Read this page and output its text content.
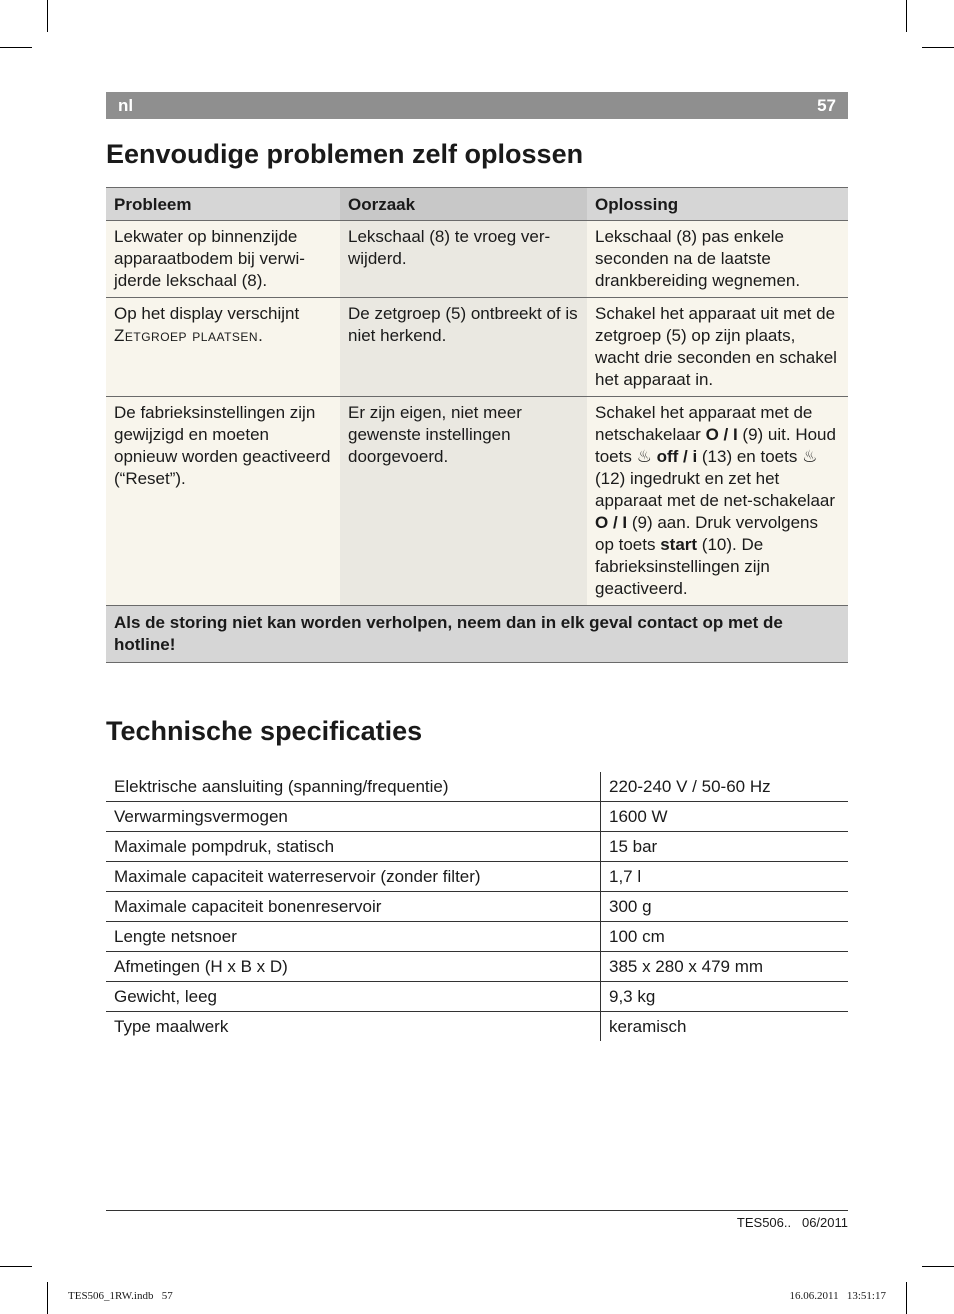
nl	57
Eenvoudige problemen zelf oplossen
Probleem	Oorzaak	Oplossing
Lekwater op binnenzijde apparaatbodem bij verwi-jderde lekschaal (8).	Lekschaal (8) te vroeg ver-wijderd.	Lekschaal (8) pas enkele seconden na de laatste drankbereiding wegnemen.
Op het display verschijnt Zetgroep plaatsen.	De zetgroep (5) ontbreekt of is niet herkend.	Schakel het apparaat uit met de zetgroep (5) op zijn plaats, wacht drie seconden en schakel het apparaat in.
De fabrieksinstellingen zijn gewijzigd en moeten opnieuw worden geactiveerd (“Reset”).	Er zijn eigen, niet meer gewenste instellingen doorgevoerd.	Schakel het apparaat met de netschakelaar O / I (9) uit. Houd toets ♨ off / i (13) en toets ♨ (12) ingedrukt en zet het apparaat met de net-schakelaar O / I (9) aan. Druk vervolgens op toets start (10). De fabrieksinstellingen zijn geactiveerd.
Als de storing niet kan worden verholpen, neem dan in elk geval contact op met de hotline!		
Technische specificaties
Elektrische aansluiting (spanning/frequentie)	220-240 V / 50-60 Hz
Verwarmingsvermogen	1600 W
Maximale pompdruk, statisch	15 bar
Maximale capaciteit waterreservoir (zonder filter)	1,7 l
Maximale capaciteit bonenreservoir	300 g
Lengte netsnoer	100 cm
Afmetingen (H x B x D)	385 x 280 x 479 mm
Gewicht, leeg	9,3 kg
Type maalwerk	keramisch
TES506.. 06/2011
TES506_1RW.indb   57	16.06.2011   13:51:17
